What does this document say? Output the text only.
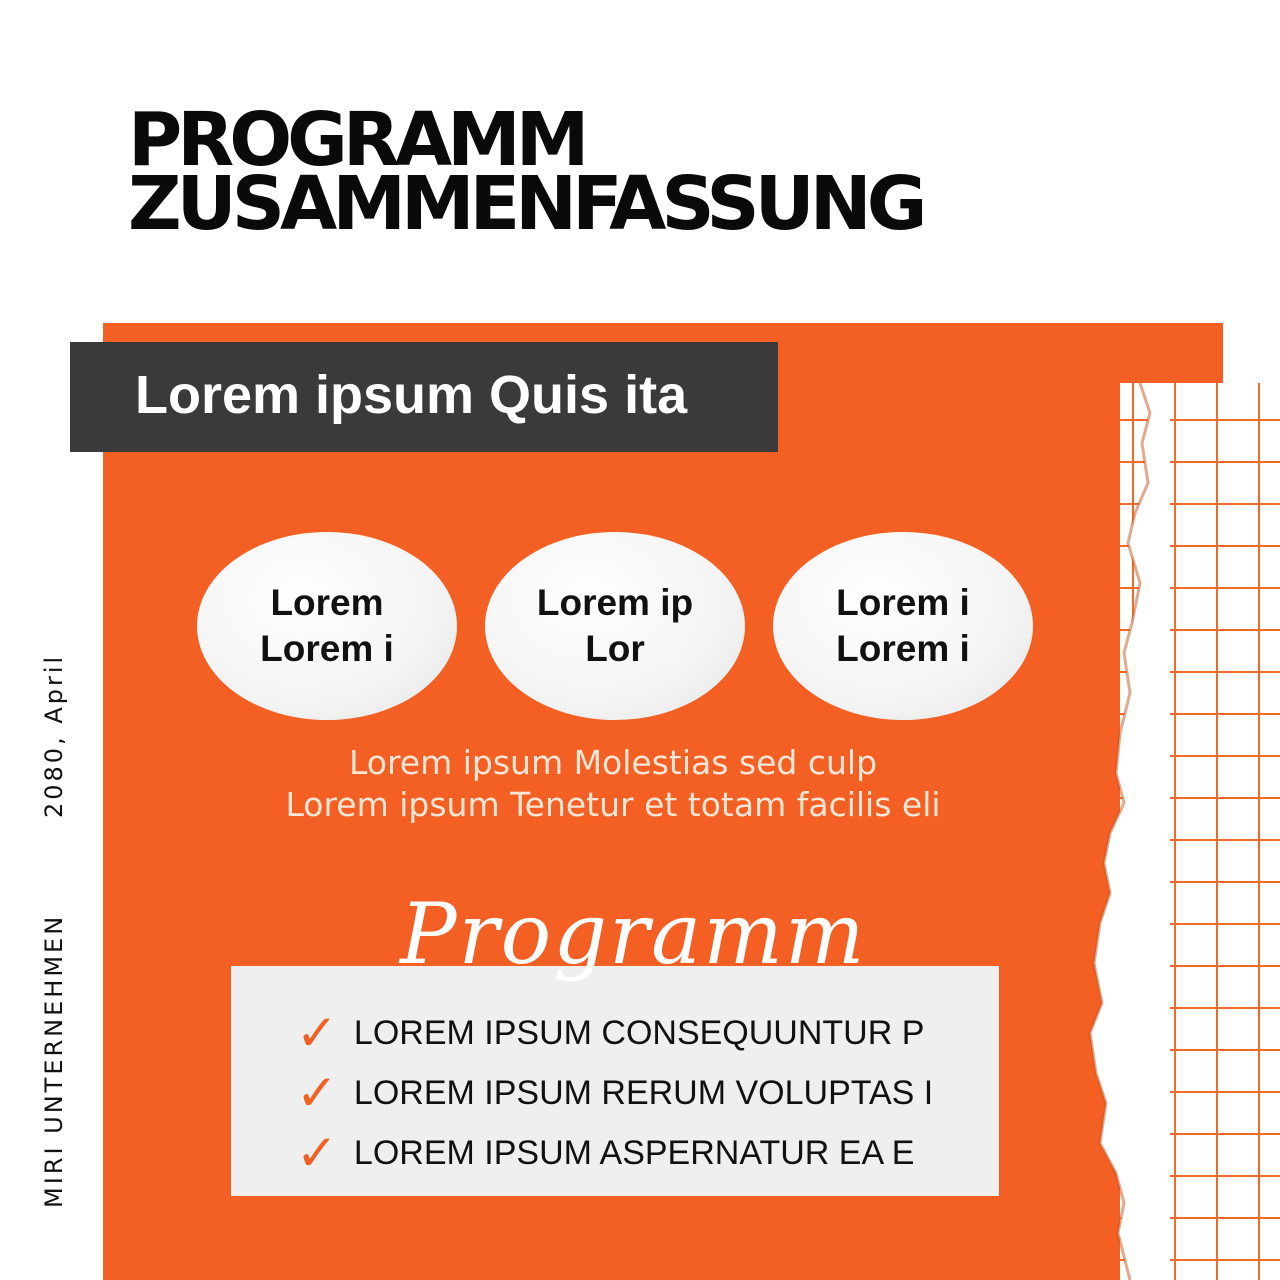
PROGRAMM
ZUSAMMENFASSUNG
Lorem ipsum Quis ita
Lorem
Lorem i
Lorem ip
Lor
Lorem i
Lorem i
Lorem ipsum Molestias sed culp
Lorem ipsum Tenetur et totam facilis eli
✓ LOREM IPSUM CONSEQUUNTUR P
✓ LOREM IPSUM RERUM VOLUPTAS I
✓ LOREM IPSUM ASPERNATUR EA E
Programm
2080, April
MIRI UNTERNEHMEN
